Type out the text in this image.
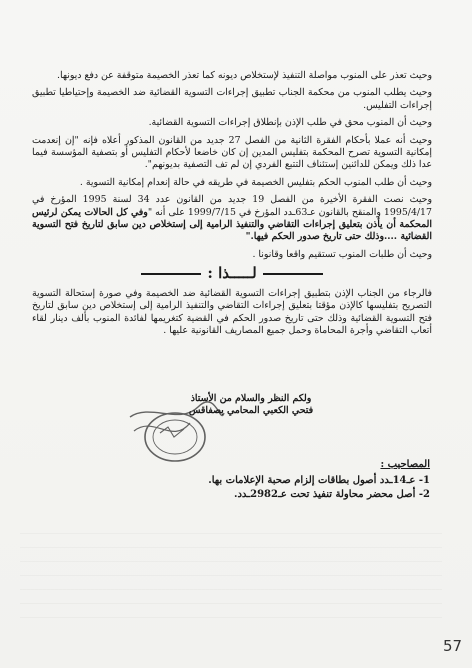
وحيث تعذر على المنوب مواصلة التنفيذ لإستخلاص ديونه كما تعذر الخصيمة متوقفة عن دفع ديونها.

وحيث يطلب المنوب من محكمة الجناب تطبيق إجراءات التسوية القضائية ضد الخصيمة وإحتياطيا تطبيق إجراءات التفليس.

وحيث أن المنوب محق في طلب الإذن بإنطلاق إجراءات التسوية القضائية.

وحيث أنه عملا بأحكام الفقرة الثانية من الفصل 27 جديد من القانون المذكور أعلاه فإنه "إن إنعدمت إمكانية التسوية تصرح المحكمة بتفليس المدين إن كان خاضعا لأحكام التفليس أو بتصفية المؤسسة فيما عدا ذلك ويمكن للدائنين إستئناف التتبع الفردي إن لم تف التصفية بديونهم".

وحيث أن طلب المنوب الحكم بتفليس الخصيمة في طريقه في حالة إنعدام إمكانية التسوية .

وحيث نصت الفقرة الأخيرة من الفصل 19 جديد من القانون عدد 34 لسنة 1995 المؤرخ في 1995/4/17 والمنقح بالقانون عـ63ـدد المؤرخ في 1999/7/15 على أنه "وفي كل الحالات يمكن لرئيس المحكمة أن يأذن بتعليق إجراءات التقاضي والتنفيذ الرامية إلى إستخلاص دين سابق لتاريخ فتح التسوية القضائية ....وذلك حتى تاريخ صدور الحكم فيها."

وحيث أن طلبات المنوب تستقيم واقعا وقانونا .

لـــــذا :

فالرجاء من الجناب الإذن بتطبيق إجراءات التسوية القضائية ضد الخصيمة وفي صورة إستحالة التسوية التصريح بتفليسها كالإذن مؤقتا بتعليق إجراءات التقاضي والتنفيذ الرامية إلى إستخلاص دين سابق لتاريخ فتح التسوية القضائية وذلك حتى تاريخ صدور الحكم في القضية كتغريمها لفائدة المنوب بألف دينار لقاء أتعاب التقاضي وأجرة المحاماة وحمل جميع المصاريف القانونية عليها .

ولكم النظر والسلام من الأستاذ
فتحي الكعبي المحامي بصفاقس
المصاحيب :
1- عـ14ـدد أصول بطاقات إلزام صحبة الإعلامات بها.
2- أصل محضر محاولة تنفيذ تحت عـ2982ـدد.
57
